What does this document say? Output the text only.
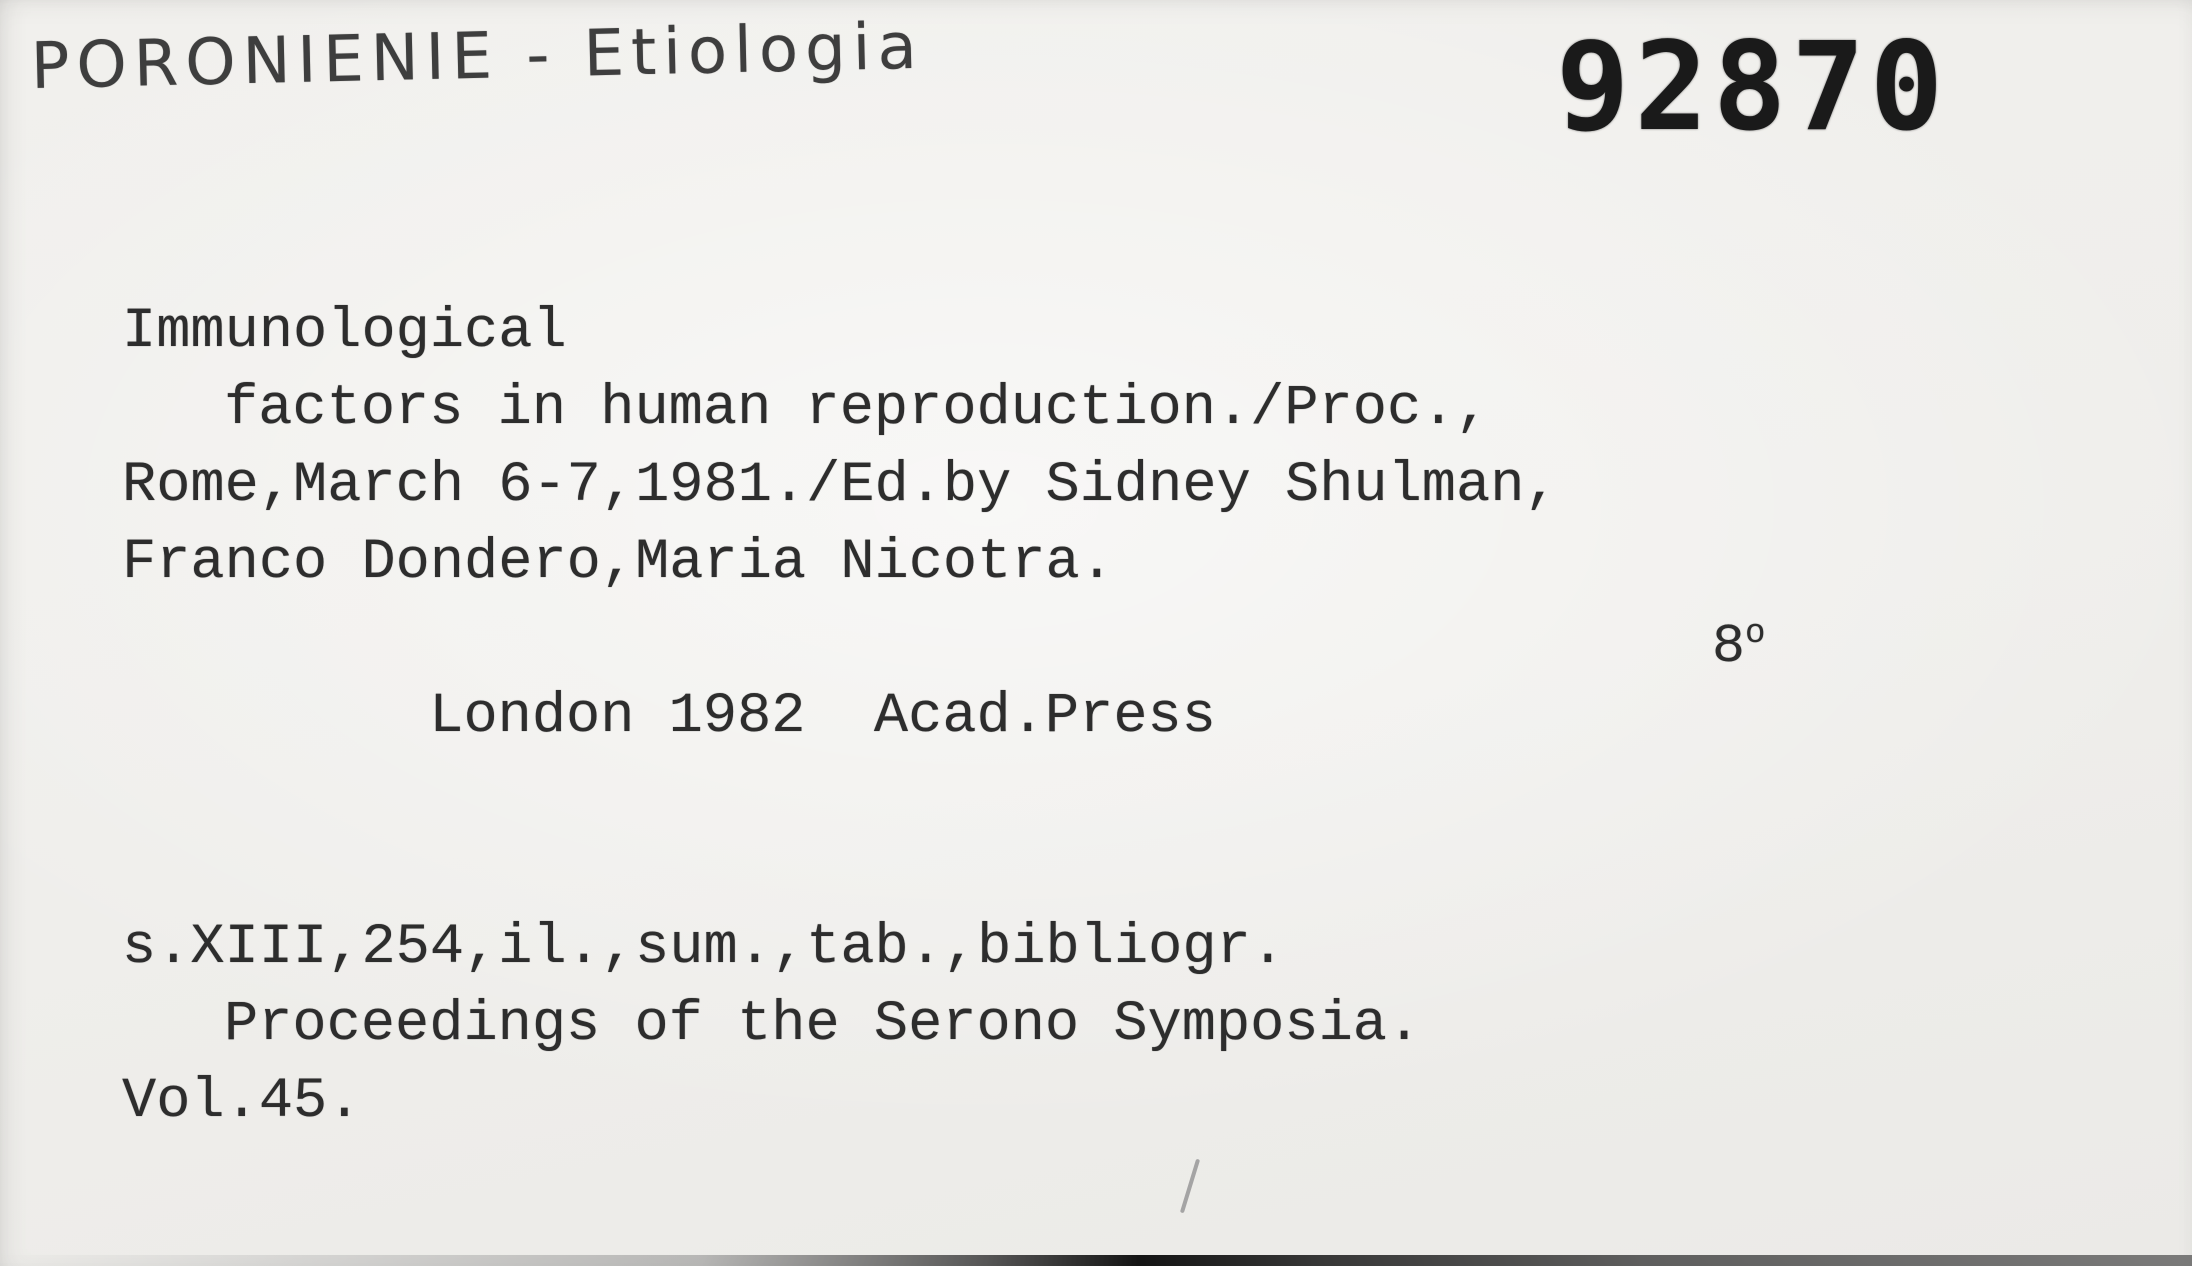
PORONIENIE - Etiologia	92870
Immunological
factors in human reproduction./Proc.,
Rome,March 6-7,1981./Ed.by Sidney Shulman,
Franco Dondero,Maria Nicotra.

London 1982  Acad.Press

8$^o$

s.XIII,254,il.,sum.,tab.,bibliogr.
Proceedings of the Serono Symposia.
Vol.45.
